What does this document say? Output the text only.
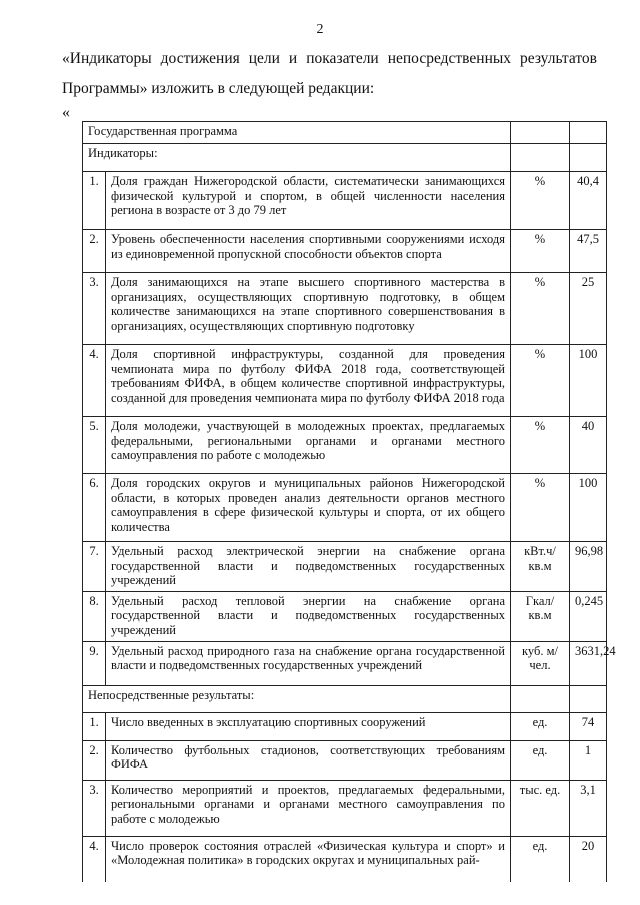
2
«Индикаторы достижения цели и показатели непосредственных результатов
Программы» изложить в следующей редакции:
«
Государственная программа			
Индикаторы:			
1.	Доля граждан Нижегородской области, систематически занимающихся физической культурой и спортом, в общей численности населения региона в возрасте от 3 до 79 лет	%	40,4
2.	Уровень обеспеченности населения спортивными сооружениями исходя из единовременной пропускной способности объектов спорта	%	47,5
3.	Доля занимающихся на этапе высшего спортивного мастерства в организациях, осуществляющих спортивную подготовку, в общем количестве занимающихся на этапе спортивного совершенствования в организациях, осуществляющих спортивную подготовку	%	25
4.	Доля спортивной инфраструктуры, созданной для проведения чемпионата мира по футболу ФИФА 2018 года, соответствующей требованиям ФИФА, в общем количестве спортивной инфраструктуры, созданной для проведения чемпионата мира по футболу ФИФА 2018 года	%	100
5.	Доля молодежи, участвующей в молодежных проектах, предлагаемых федеральными, региональными органами и органами местного самоуправления по работе с молодежью	%	40
6.	Доля городских округов и муниципальных районов Нижегородской области, в которых проведен анализ деятельности органов местного самоуправления в сфере физической культуры и спорта, от их общего количества	%	100
7.	Удельный расход электрической энергии на снабжение органа государственной власти и подведомственных государственных учреждений	кВт.ч/кв.м	96,98
8.	Удельный расход тепловой энергии на снабжение органа государственной власти и подведомственных государственных учреждений	Гкал/кв.м	0,245
9.	Удельный расход природного газа на снабжение органа государственной власти и подведомственных государственных учреждений	куб. м/чел.	3631,24
Непосредственные результаты:			
1.	Число введенных в эксплуатацию спортивных сооружений	ед.	74
2.	Количество футбольных стадионов, соответствующих требованиям ФИФА	ед.	1
3.	Количество мероприятий и проектов, предлагаемых федеральными, региональными органами и органами местного самоуправления по работе с молодежью	тыс. ед.	3,1
4.	Число проверок состояния отраслей «Физическая культура и спорт» и «Молодежная политика» в городских округах и муниципальных рай-	ед.	20
